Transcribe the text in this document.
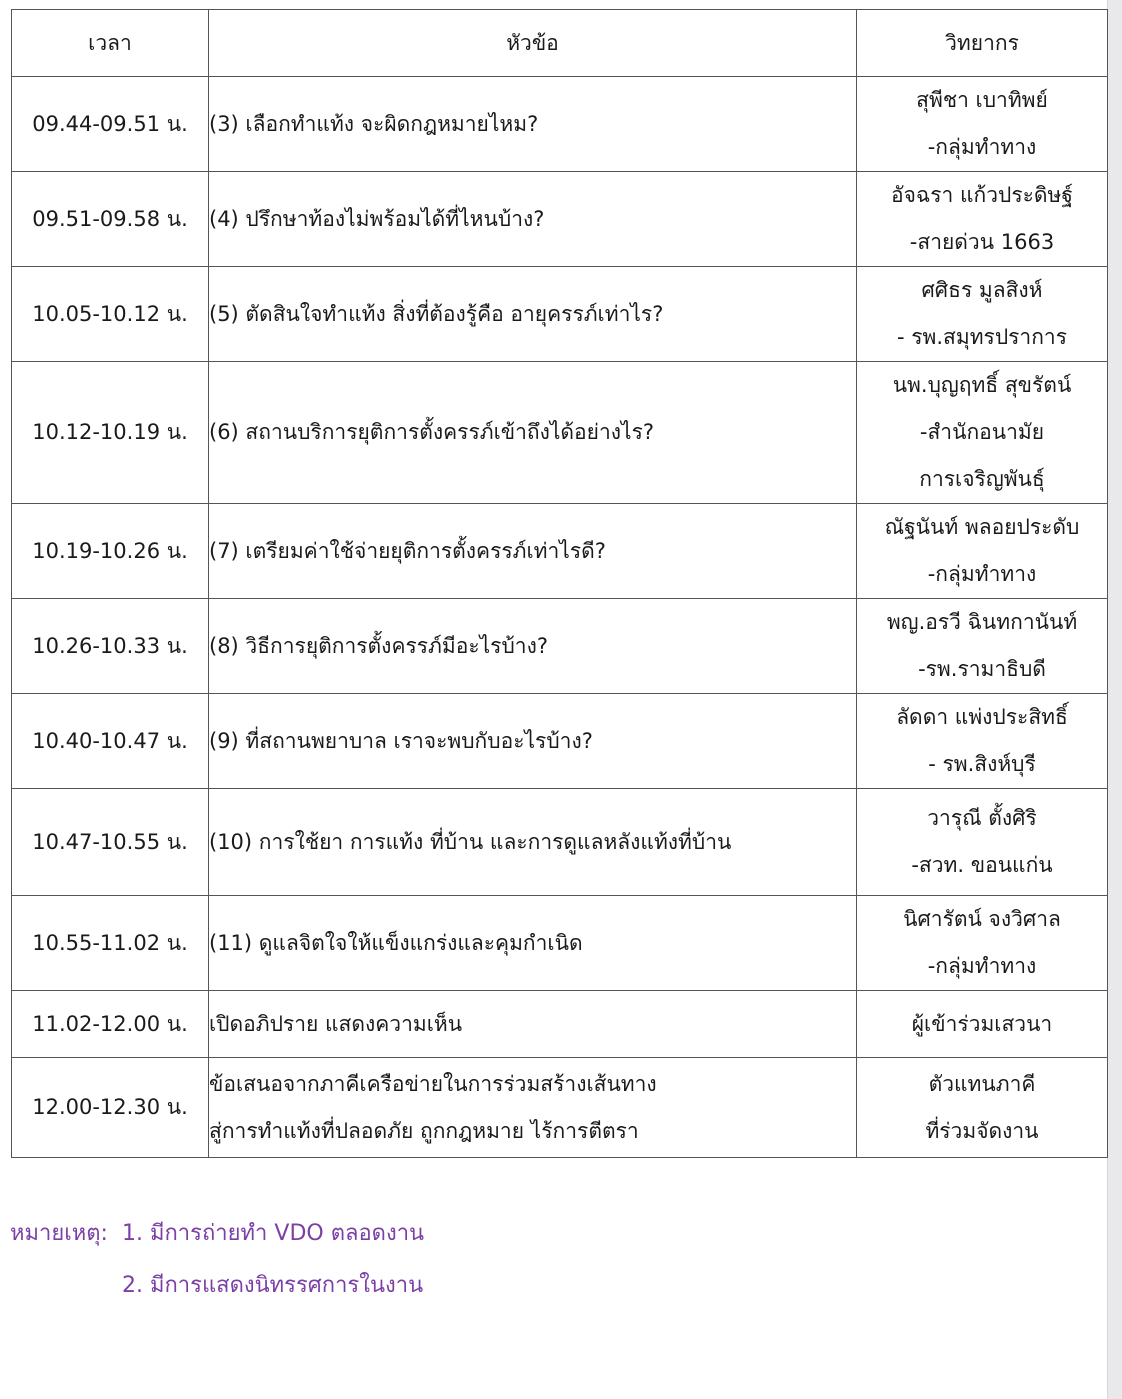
เวลา	หัวข้อ	วิทยากร
09.44-09.51 น.	(3) เลือกทำแท้ง จะผิดกฎหมายไหม?	สุพีชา เบาทิพย์
-กลุ่มทำทาง

09.51-09.58 น.	(4) ปรึกษาท้องไม่พร้อมได้ที่ไหนบ้าง?	อัจฉรา แก้วประดิษฐ์
-สายด่วน 1663

10.05-10.12 น.	(5) ตัดสินใจทำแท้ง สิ่งที่ต้องรู้คือ อายุครรภ์เท่าไร?	ศศิธร มูลสิงห์
- รพ.สมุทรปราการ

10.12-10.19 น.	(6) สถานบริการยุติการตั้งครรภ์เข้าถึงได้อย่างไร?	นพ.บุญฤทธิ์ สุขรัตน์
-สำนักอนามัย
การเจริญพันธุ์

10.19-10.26 น.	(7) เตรียมค่าใช้จ่ายยุติการตั้งครรภ์เท่าไรดี?	ณัฐนันท์ พลอยประดับ
-กลุ่มทำทาง

10.26-10.33 น.	(8) วิธีการยุติการตั้งครรภ์มีอะไรบ้าง?	พญ.อรวี ฉินทกานันท์
-รพ.รามาธิบดี

10.40-10.47 น.	(9) ที่สถานพยาบาล เราจะพบกับอะไรบ้าง?	ลัดดา แพ่งประสิทธิ์
- รพ.สิงห์บุรี

10.47-10.55 น.	(10) การใช้ยา การแท้ง ที่บ้าน และการดูแลหลังแท้งที่บ้าน	วารุณี ตั้งศิริ
-สวท. ขอนแก่น

10.55-11.02 น.	(11) ดูแลจิตใจให้แข็งแกร่งและคุมกำเนิด	นิศารัตน์ จงวิศาล
-กลุ่มทำทาง

11.02-12.00 น.	เปิดอภิปราย แสดงความเห็น	ผู้เข้าร่วมเสวนา

12.00-12.30 น.	ข้อเสนอจากภาคีเครือข่ายในการร่วมสร้างเส้นทาง
สู่การทำแท้งที่ปลอดภัย ถูกกฎหมาย ไร้การตีตรา	ตัวแทนภาคี
ที่ร่วมจัดงาน
หมายเหตุ: 1. มีการถ่ายทำ VDO ตลอดงาน
2. มีการแสดงนิทรรศการในงาน
